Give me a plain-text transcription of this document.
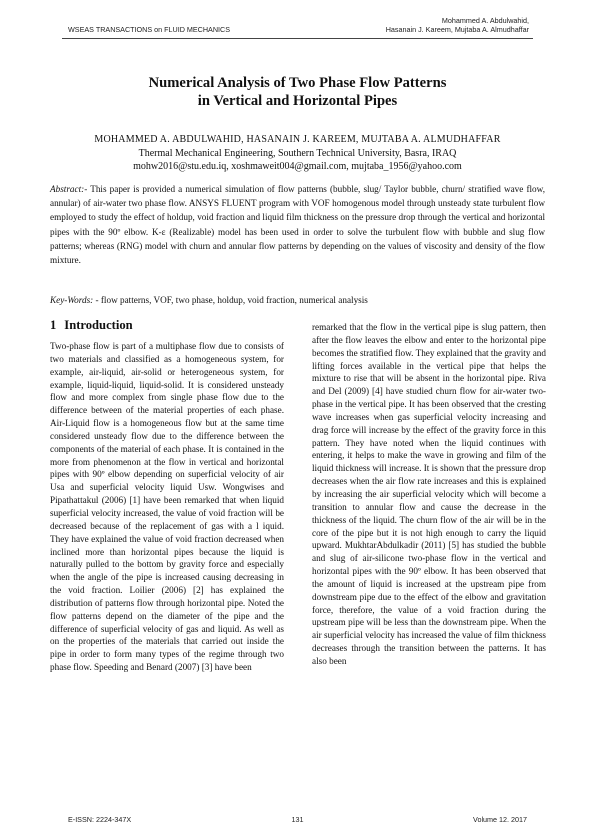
WSEAS TRANSACTIONS on FLUID MECHANICS
Mohammed A. Abdulwahid,
Hasanain J. Kareem, Mujtaba A. Almudhaffar
Numerical Analysis of Two Phase Flow Patterns
in Vertical and Horizontal Pipes
MOHAMMED A. ABDULWAHID, HASANAIN J. KAREEM, MUJTABA A. ALMUDHAFFAR
Thermal Mechanical Engineering, Southern Technical University, Basra, IRAQ
mohw2016@stu.edu.iq, xoshmaweit004@gmail.com, mujtaba_1956@yahoo.com

Abstract:- This paper is provided a numerical simulation of flow patterns (bubble, slug/ Taylor bubble, churn/ stratified wave flow, annular) of air-water two phase flow. ANSYS FLUENT program with VOF homogenous model through unsteady state turbulent flow employed to study the effect of holdup, void fraction and liquid film thickness on the pressure drop through the vertical and horizontal pipes with the 90º elbow. K-ε (Realizable) model has been used in order to solve the turbulent flow with bubble and slug flow patterns; whereas (RNG) model with churn and annular flow patterns by depending on the values of viscosity and density of the flow mixture.

Key-Words: - flow patterns, VOF, two phase, holdup, void fraction, numerical analysis

1 Introduction
Two-phase flow is part of a multiphase flow due to consists of two materials and classified as a homogeneous system, for example, air-liquid, air-solid or heterogeneous system, for example, liquid-liquid, liquid-solid. It is considered unsteady flow and more complex from single phase flow due to the difference between of the material properties of each phase. Air-Liquid flow is a homogeneous flow but at the same time considered unsteady flow due to the difference between the components of the material of each phase. It is contained in the more from phenomenon at the flow in vertical and horizontal pipes with 90º elbow depending on superficial velocity of air Usa and superficial velocity liquid Usw. Wongwises and Pipathattakul (2006) [1] have been remarked that when liquid superficial velocity increased, the value of void fraction will be decreased because of the replacement of gas with a l iquid. They have explained the value of void fraction decreased when inclined more than horizontal pipes because the liquid is naturally pulled to the bottom by gravity force and especially when the angle of the pipe is increased causing decreasing in the void fraction. Loilier (2006) [2] has explained the distribution of patterns flow through horizontal pipe. Noted the flow patterns depend on the diameter of the pipe and the difference of superficial velocity of gas and liquid. As well as on the properties of the materials that carried out inside the pipe in order to form many types of the regime through two phase flow. Speeding and Benard (2007) [3] have been
remarked that the flow in the vertical pipe is slug pattern, then after the flow leaves the elbow and enter to the horizontal pipe becomes the stratified flow. They explained that the gravity and lifting forces available in the vertical pipe that helps the mixture to rise that will be absent in the horizontal pipe. Riva and Del (2009) [4] have studied churn flow for air-water two-phase in the vertical pipe. It has been observed that the cresting wave increases when gas superficial velocity increasing and drag force will increase by the effect of the gravity force in this pattern. They have noted when the liquid continues with entering, it helps to make the wave in growing and film of the liquid thickness will increase. It is shown that the pressure drop decreases when the air flow rate increases and this is explained by increasing the air superficial velocity which will become a transition to annular flow and cause the decrease in the thickness of the liquid. The churn flow of the air will be in the core of the pipe but it is not high enough to carry the liquid upward. MukhtarAbdulkadir (2011) [5] has studied the bubble and slug of air-silicone two-phase flow in the vertical and horizontal pipes with the 90º elbow. It has been observed that the amount of liquid is increased at the upstream pipe from downstream pipe due to the effect of the elbow and gravitation force, therefore, the value of a void fraction during the upstream pipe will be less than the downstream pipe. When the air superficial velocity has increased the value of film thickness decreases through the transition between the patterns. It has also been
E-ISSN: 2224-347X	131	Volume 12, 2017
